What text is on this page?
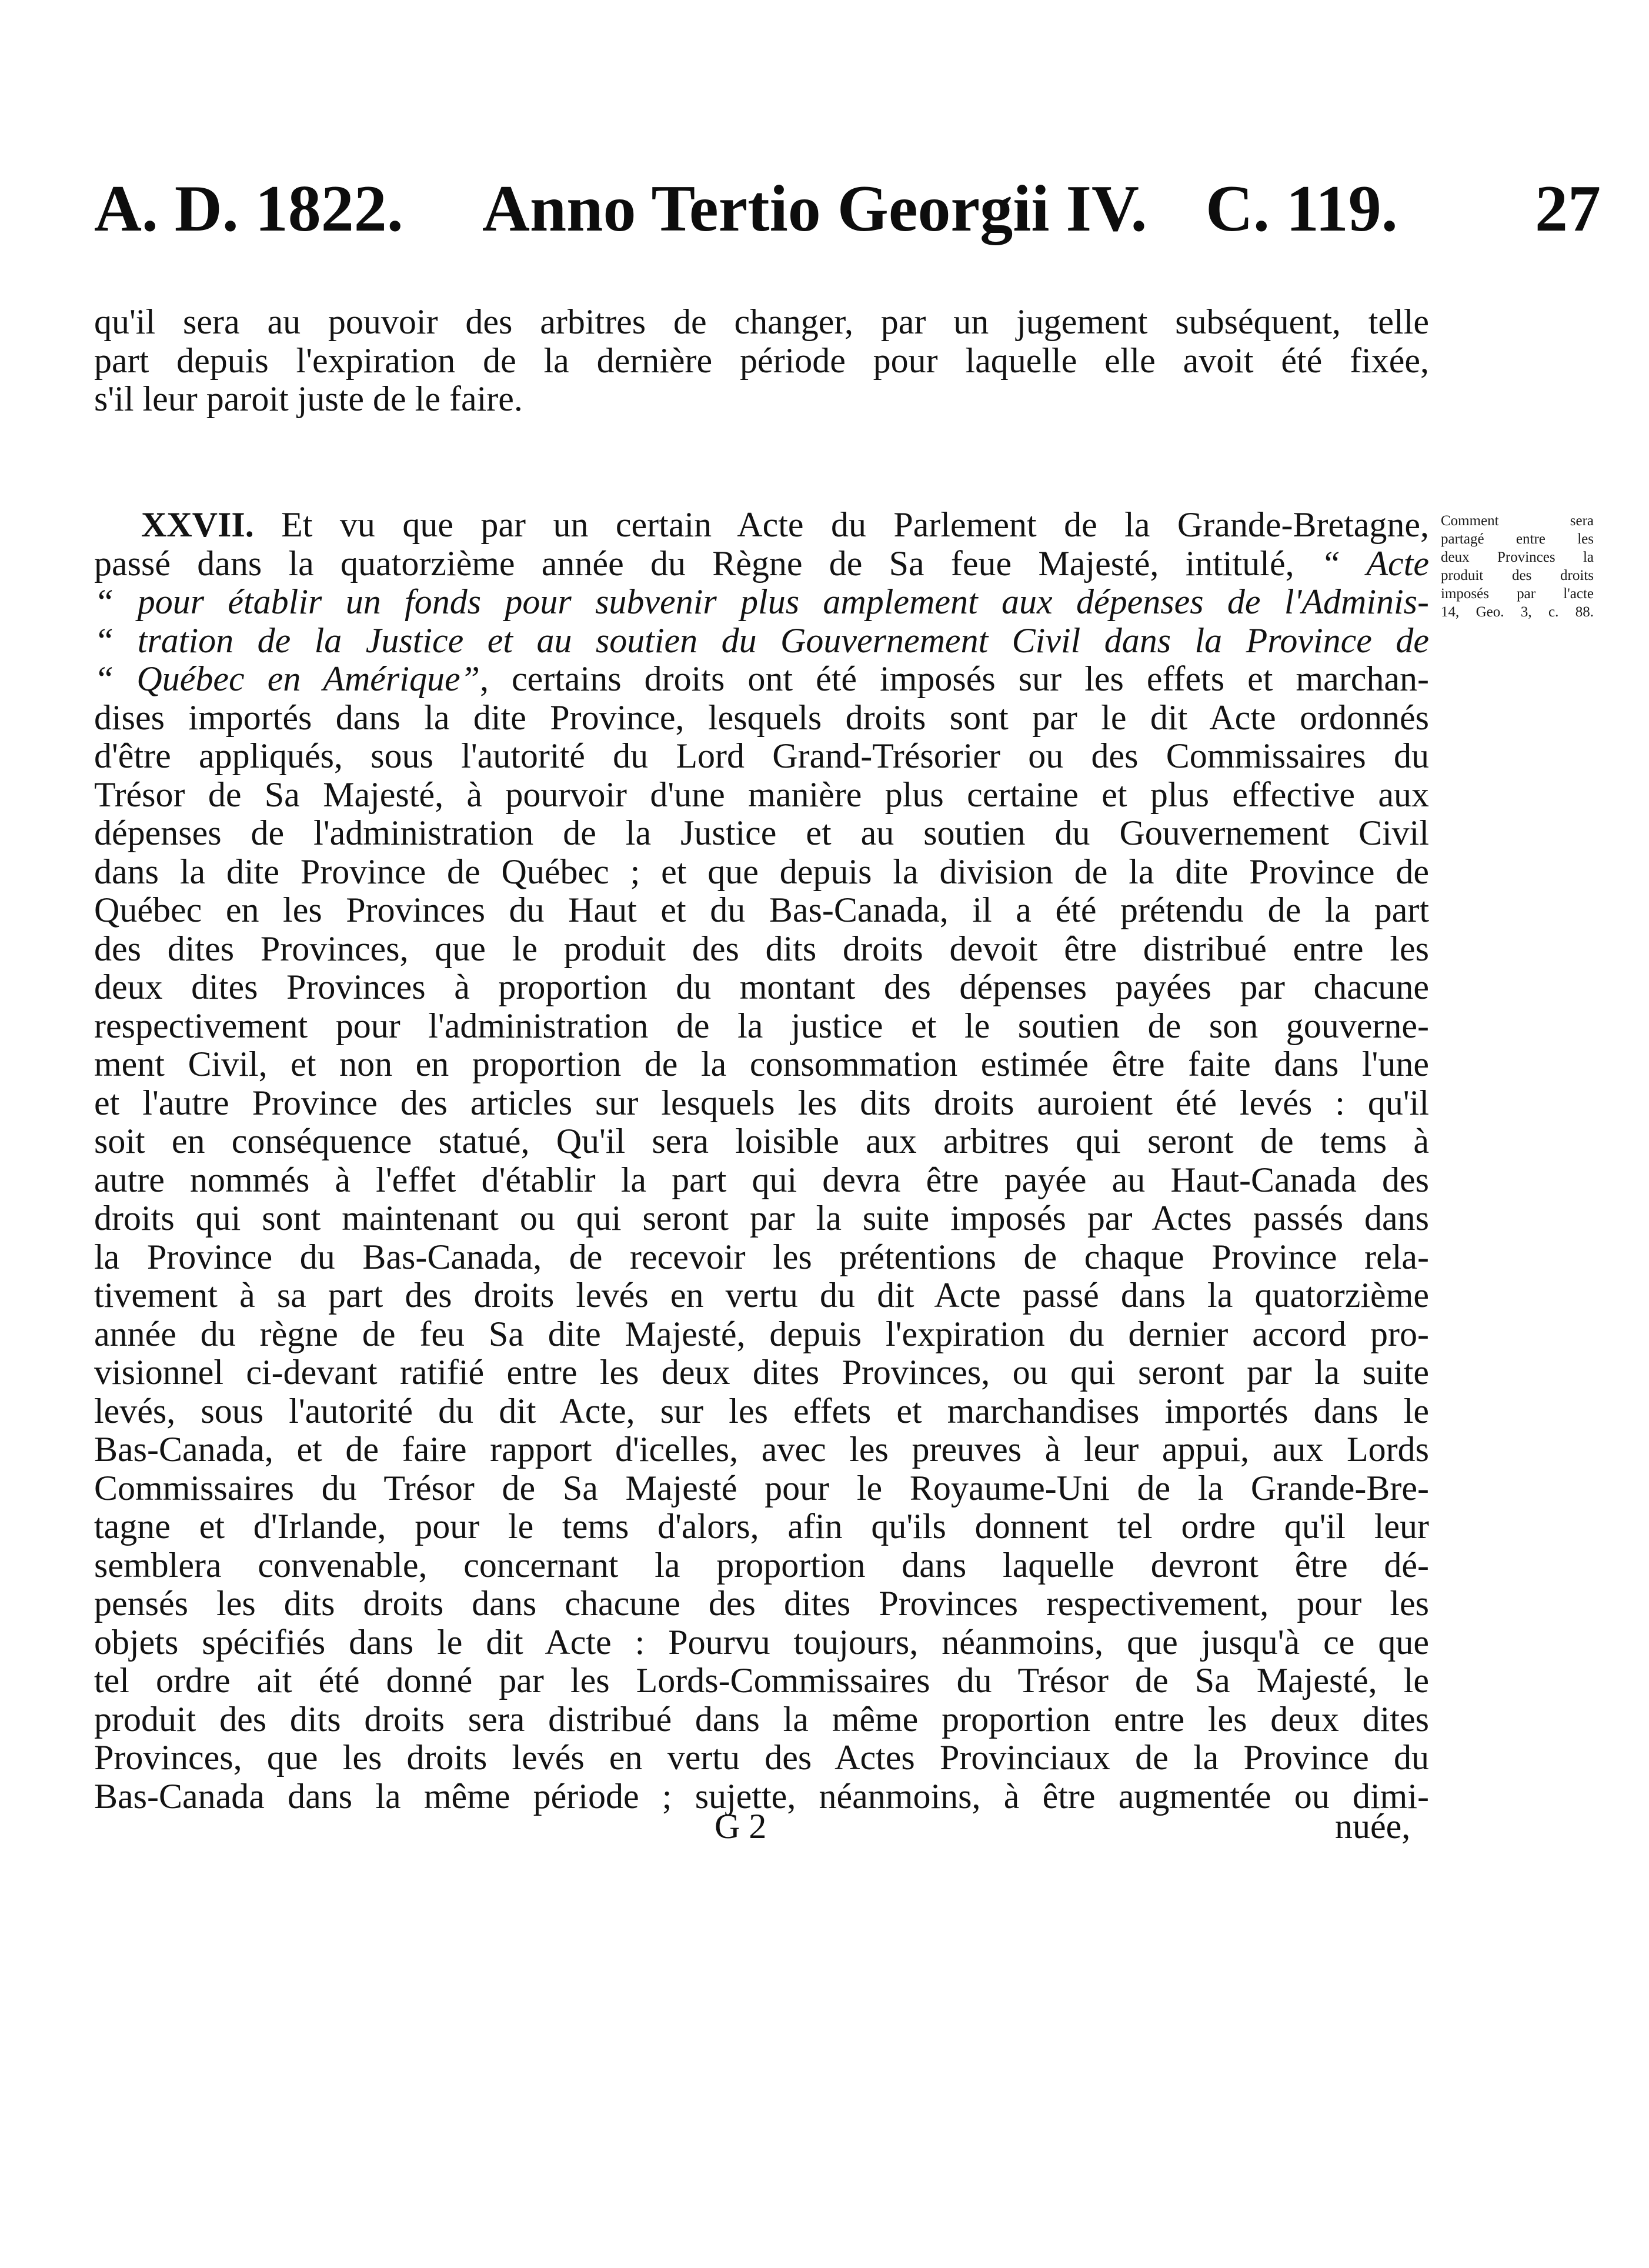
A. D. 1822. Anno Tertio Georgii IV. C. 119. 27
qu'il sera au pouvoir des arbitres de changer, par un jugement subséquent, telle
part depuis l'expiration de la dernière période pour laquelle elle avoit été fixée,
s'il leur paroit juste de le faire.
XXVII. Et vu que par un certain Acte du Parlement de la Grande-Bretagne,
passé dans la quatorzième année du Règne de Sa feue Majesté, intitulé, “ Acte
“ pour établir un fonds pour subvenir plus amplement aux dépenses de l'Adminis-
“ tration de la Justice et au soutien du Gouvernement Civil dans la Province de
“ Québec en Amérique”, certains droits ont été imposés sur les effets et marchan-
dises importés dans la dite Province, lesquels droits sont par le dit Acte ordonnés
d'être appliqués, sous l'autorité du Lord Grand-Trésorier ou des Commissaires du
Trésor de Sa Majesté, à pourvoir d'une manière plus certaine et plus effective aux
dépenses de l'administration de la Justice et au soutien du Gouvernement Civil
dans la dite Province de Québec ; et que depuis la division de la dite Province de
Québec en les Provinces du Haut et du Bas-Canada, il a été prétendu de la part
des dites Provinces, que le produit des dits droits devoit être distribué entre les
deux dites Provinces à proportion du montant des dépenses payées par chacune
respectivement pour l'administration de la justice et le soutien de son gouverne-
ment Civil, et non en proportion de la consommation estimée être faite dans l'une
et l'autre Province des articles sur lesquels les dits droits auroient été levés : qu'il
soit en conséquence statué, Qu'il sera loisible aux arbitres qui seront de tems à
autre nommés à l'effet d'établir la part qui devra être payée au Haut-Canada des
droits qui sont maintenant ou qui seront par la suite imposés par Actes passés dans
la Province du Bas-Canada, de recevoir les prétentions de chaque Province rela-
tivement à sa part des droits levés en vertu du dit Acte passé dans la quatorzième
année du règne de feu Sa dite Majesté, depuis l'expiration du dernier accord pro-
visionnel ci-devant ratifié entre les deux dites Provinces, ou qui seront par la suite
levés, sous l'autorité du dit Acte, sur les effets et marchandises importés dans le
Bas-Canada, et de faire rapport d'icelles, avec les preuves à leur appui, aux Lords
Commissaires du Trésor de Sa Majesté pour le Royaume-Uni de la Grande-Bre-
tagne et d'Irlande, pour le tems d'alors, afin qu'ils donnent tel ordre qu'il leur
semblera convenable, concernant la proportion dans laquelle devront être dé-
pensés les dits droits dans chacune des dites Provinces respectivement, pour les
objets spécifiés dans le dit Acte : Pourvu toujours, néanmoins, que jusqu'à ce que
tel ordre ait été donné par les Lords-Commissaires du Trésor de Sa Majesté, le
produit des dits droits sera distribué dans la même proportion entre les deux dites
Provinces, que les droits levés en vertu des Actes Provinciaux de la Province du
Bas-Canada dans la même période ; sujette, néanmoins, à être augmentée ou dimi-
Comment sera
partagé entre les
deux Provinces la
produit des droits
imposés par l'acte
14, Geo. 3, c. 88.
G 2	nuée,
